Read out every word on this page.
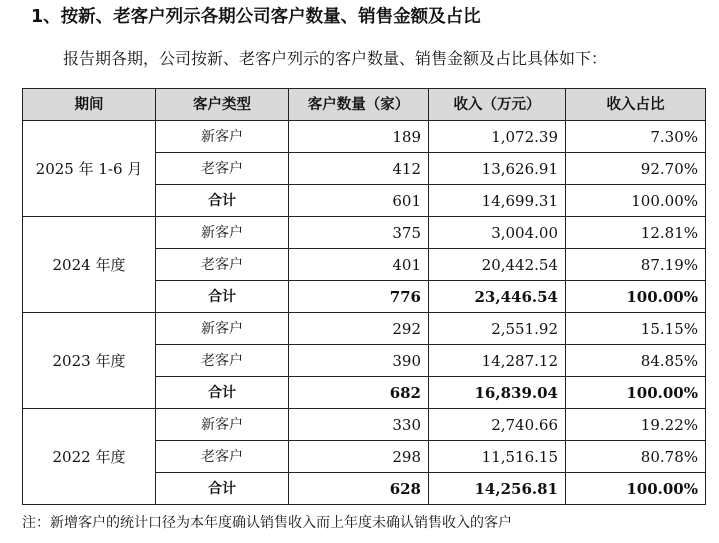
1、按新、老客户列示各期公司客户数量、销售金额及占比
报告期各期，公司按新、老客户列示的客户数量、销售金额及占比具体如下：
期间	客户类型	客户数量（家）	收入（万元）	收入占比
2025 年 1-6 月	新客户	189	1,072.39	7.30%
	老客户	412	13,626.91	92.70%
	合计	601	14,699.31	100.00%
2024 年度	新客户	375	3,004.00	12.81%
	老客户	401	20,442.54	87.19%
	合计	776	23,446.54	100.00%
2023 年度	新客户	292	2,551.92	15.15%
	老客户	390	14,287.12	84.85%
	合计	682	16,839.04	100.00%
2022 年度	新客户	330	2,740.66	19.22%
	老客户	298	11,516.15	80.78%
	合计	628	14,256.81	100.00%
注：新增客户的统计口径为本年度确认销售收入而上年度未确认销售收入的客户
